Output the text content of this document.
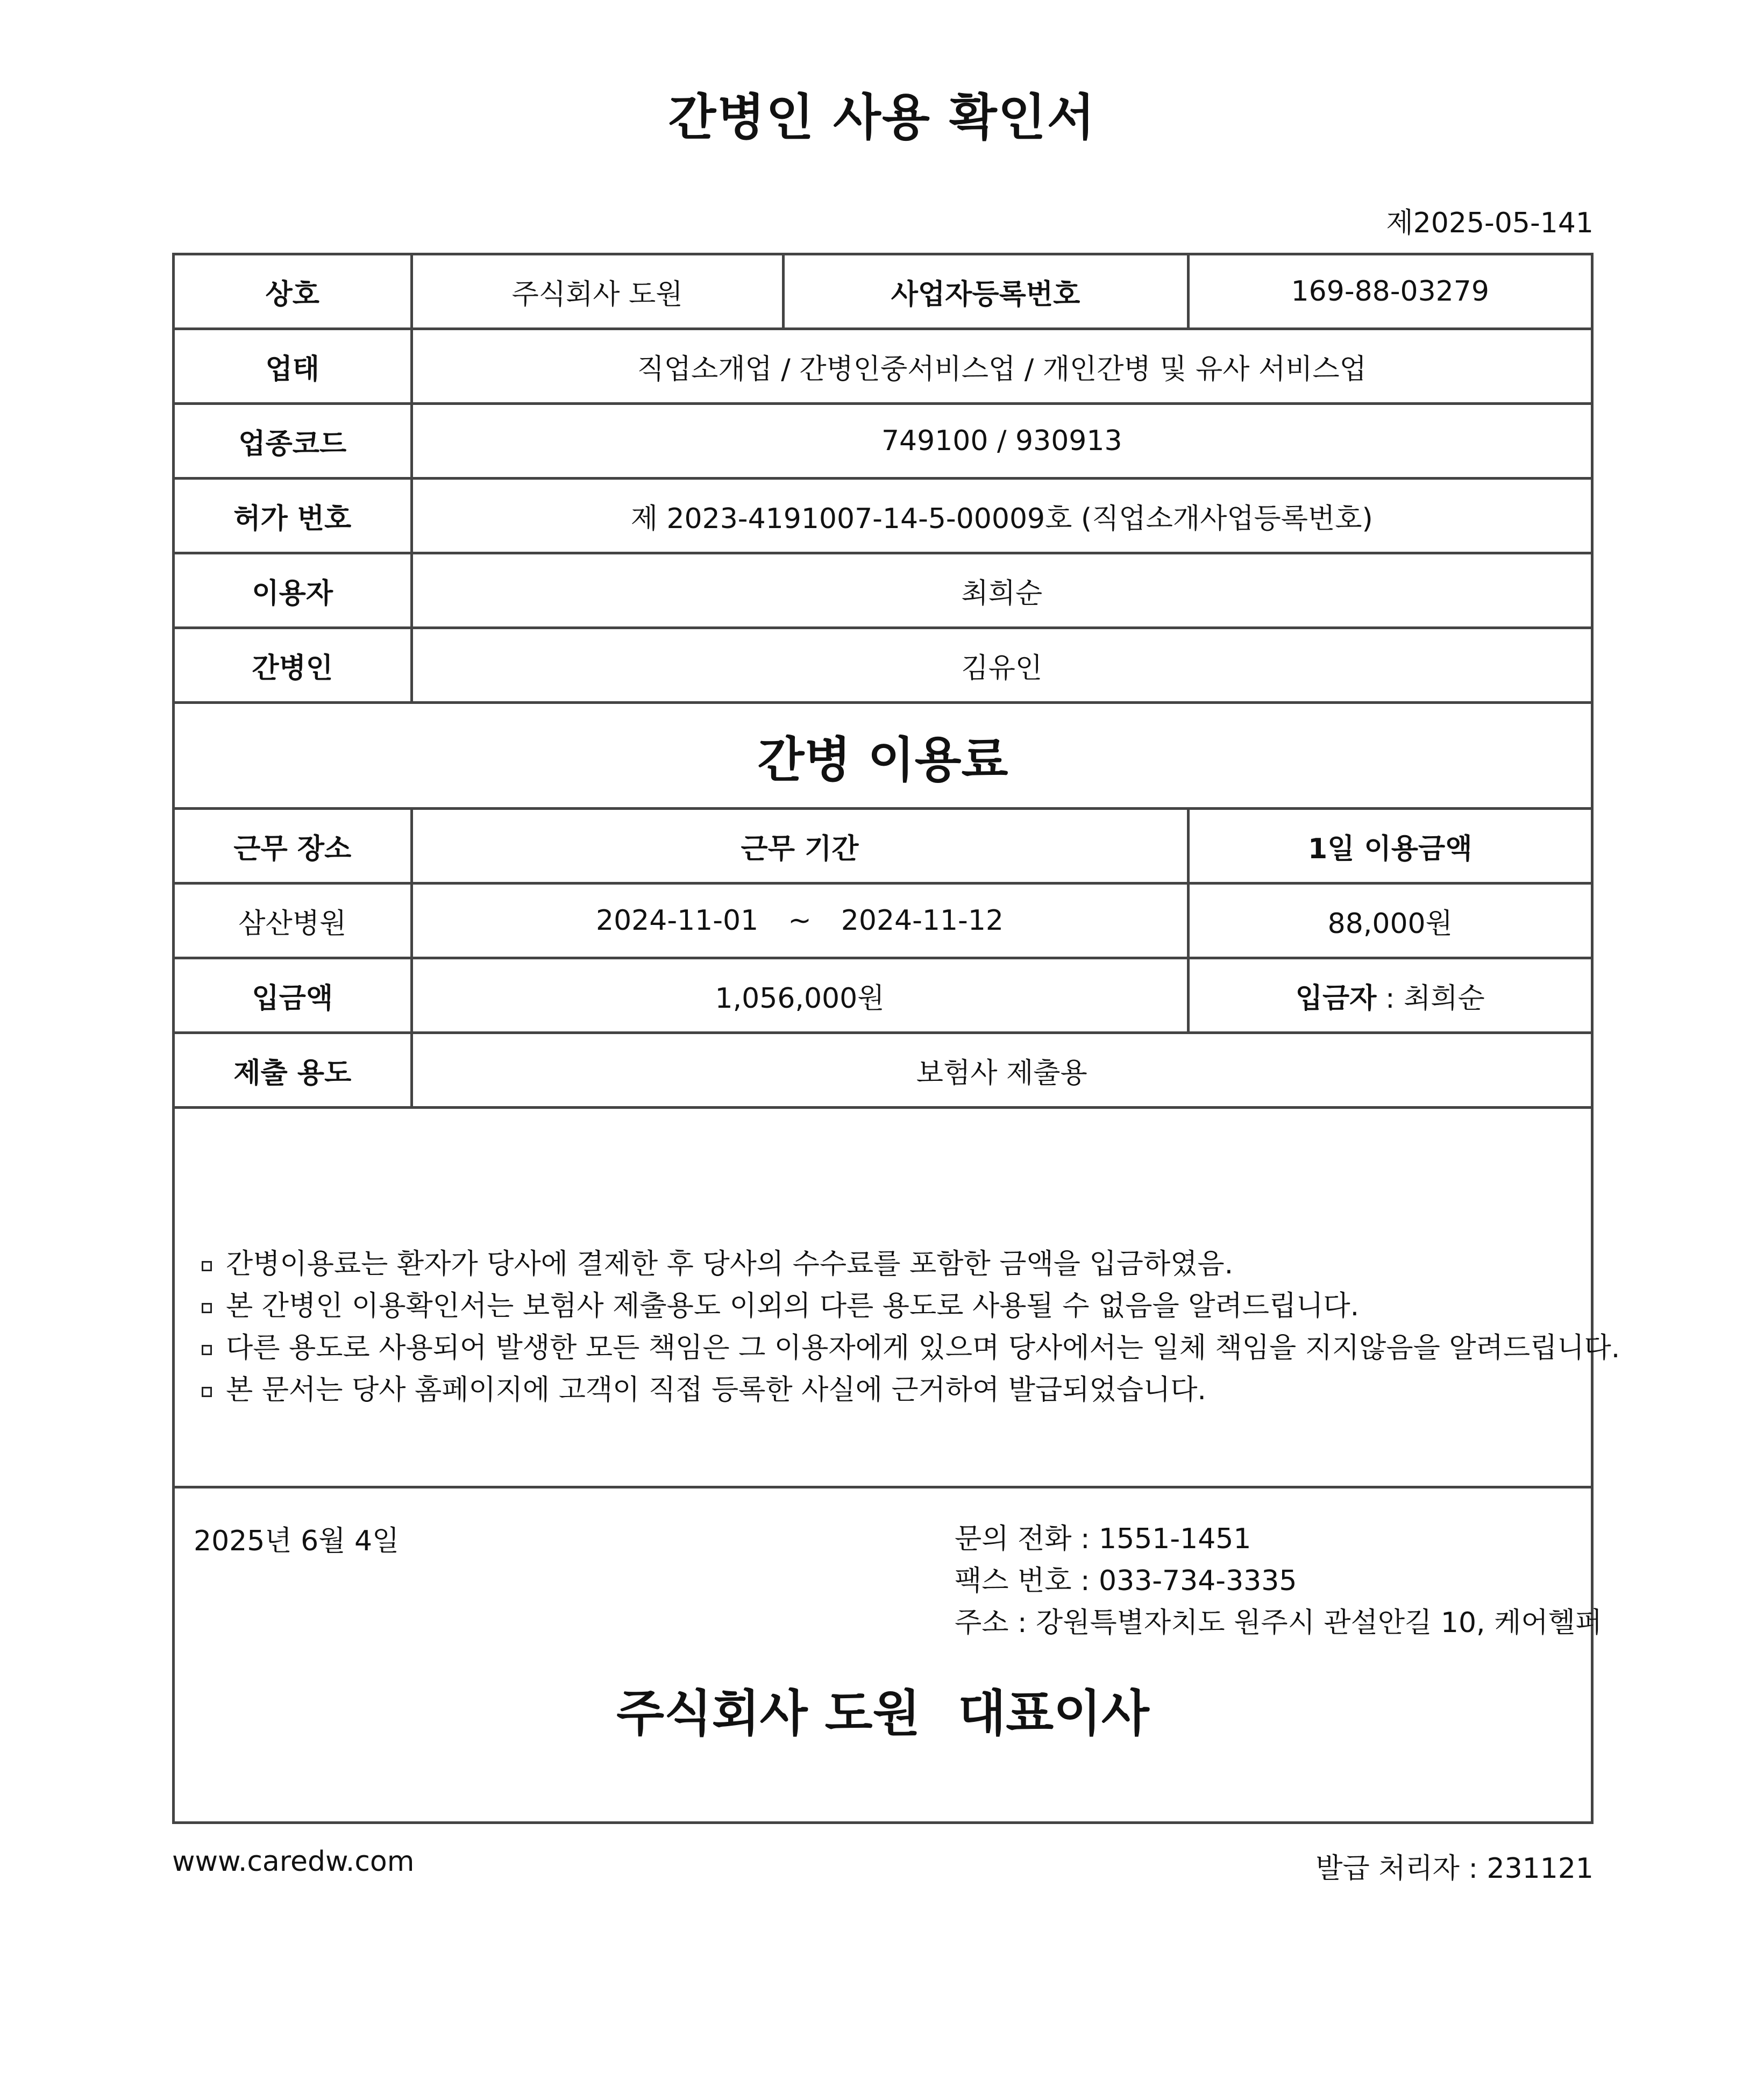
간병인 사용 확인서
제2025-05-141
상호	주식회사 도원	사업자등록번호	169-88-03279
업태	직업소개업 / 간병인중서비스업 / 개인간병 및 유사 서비스업		
업종코드	749100 / 930913		
허가 번호	제 2023-4191007-14-5-00009호 (직업소개사업등록번호)		
이용자	최희순		
간병인	김유인		
간병 이용료			
근무 장소	근무 기간		1일 이용금액
삼산병원	2024-11-01 ~ 2024-11-12		88,000원
입금액	1,056,000원		입금자 : 최희순
제출 용도	보험사 제출용		
간병이용료는 환자가 당사에 결제한 후 당사의 수수료를 포함한 금액을 입금하였음.
본 간병인 이용확인서는 보험사 제출용도 이외의 다른 용도로 사용될 수 없음을 알려드립니다.
다른 용도로 사용되어 발생한 모든 책임은 그 이용자에게 있으며 당사에서는 일체 책임을 지지않음을 알려드립니다.
본 문서는 당사 홈페이지에 고객이 직접 등록한 사실에 근거하여 발급되었습니다.
2025년 6월 4일	문의 전화 : 1551-1451
팩스 번호 : 033-734-3335
주소 : 강원특별자치도 원주시 관설안길 10, 케어헬퍼
주식회사 도원 대표이사
www.caredw.com	발급 처리자 : 231121
